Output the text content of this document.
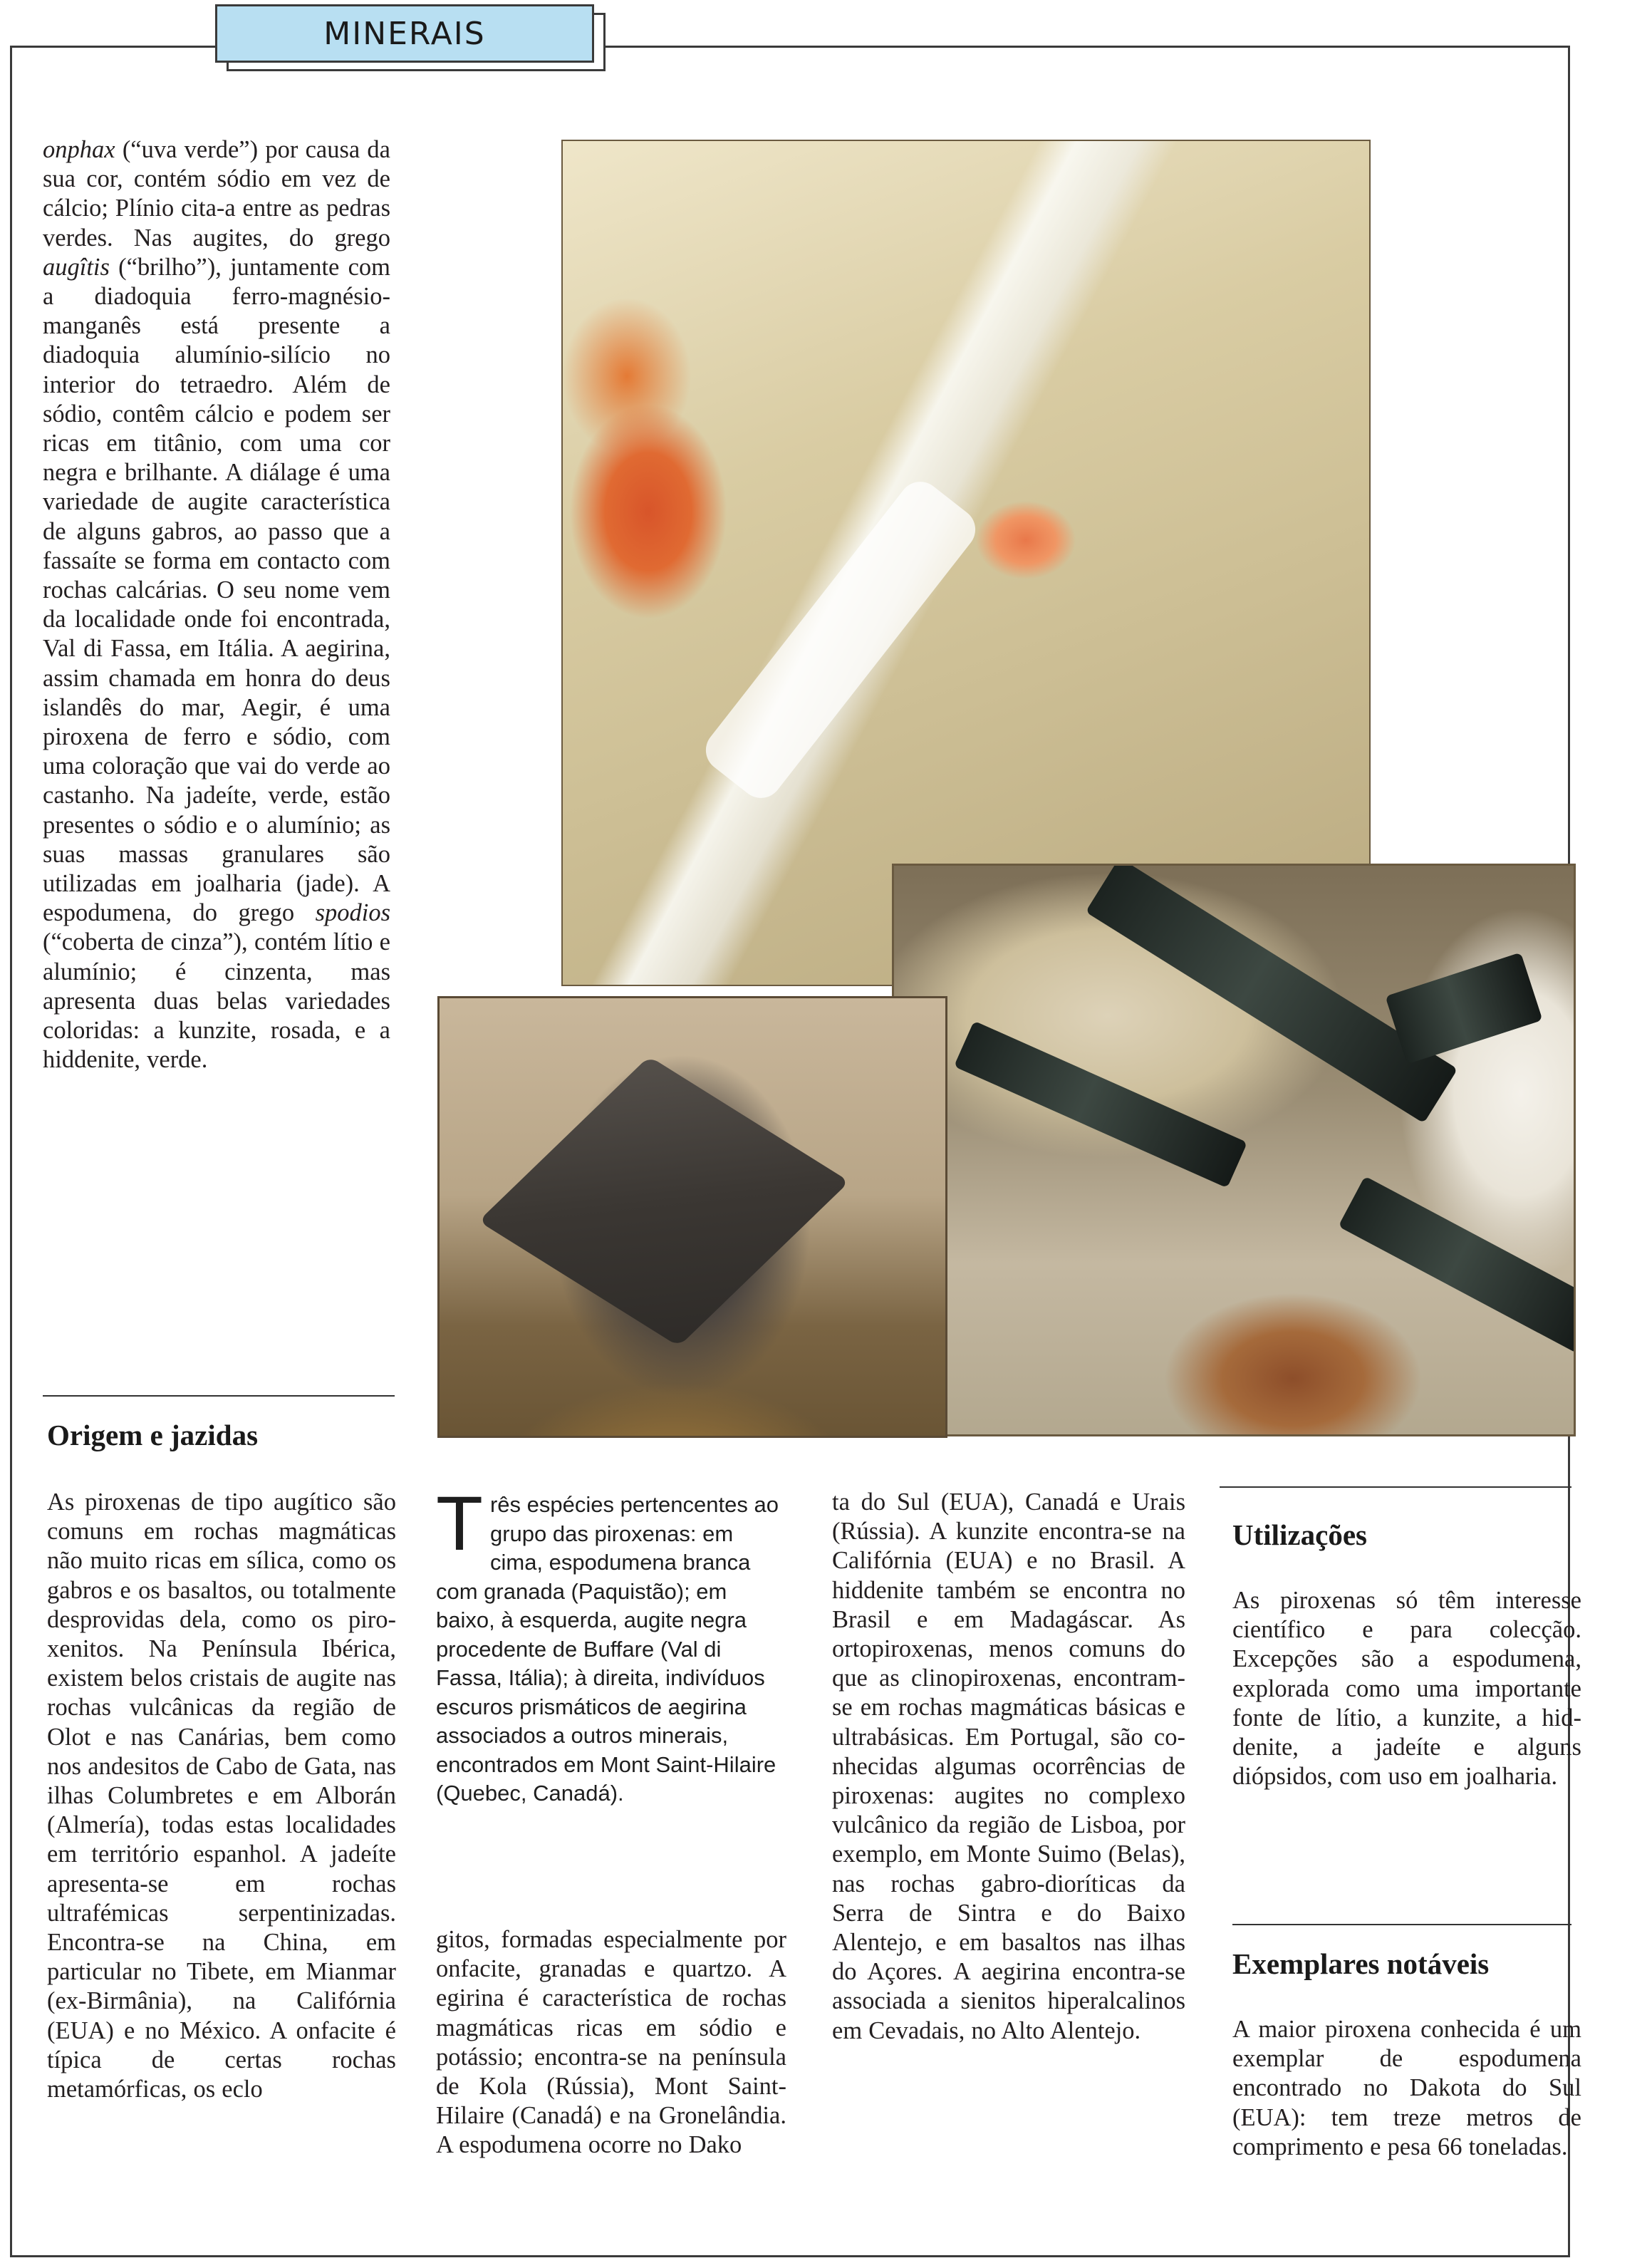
MINERAIS

onphax (“uva verde”) por causa da sua cor, contém sódio em vez de cálcio; Plínio cita-a entre as pedras verdes. Nas augites, do grego augîtis (“brilho”), juntamente com a diadoquia ferro-magnésio-manganês está presente a diadoquia alumínio-silício no interior do tetraedro. Além de sódio, contêm cálcio e podem ser ricas em titânio, com uma cor negra e brilhante. A diálage é uma variedade de augite característica de alguns gabros, ao passo que a fassaíte se forma em contacto com rochas calcárias. O seu nome vem da localidade onde foi encontrada, Val di Fassa, em Itália. A aegirina, assim chamada em honra do deus islandês do mar, Aegir, é uma piroxena de ferro e sódio, com uma coloração que vai do verde ao castanho. Na jadeíte, verde, estão presentes o sódio e o alumínio; as suas massas granulares são utilizadas em joalharia (jade). A espodumena, do grego spodios (“coberta de cinza”), contém lítio e alumínio; é cinzenta, mas apresenta duas belas variedades coloridas: a kunzite, rosada, e a hiddenite, verde.

Origem e jazidas

As piroxenas de tipo augítico são comuns em rochas magmáticas não muito ricas em sílica, como os gabros e os basaltos, ou totalmente desprovidas dela, como os piroxenitos. Na Península Ibérica, existem belos cristais de augite nas rochas vulcânicas da região de Olot e nas Canárias, bem como nos andesitos de Cabo de Gata, nas ilhas Columbretes e em Alborán (Almería), todas estas localidades em território espanhol. A jadeíte apresenta-se em rochas ultrafémicas serpentinizadas. Encontra-se na China, em particular no Tibete, em Mianmar (ex-Birmânia), na Califórnia (EUA) e no México. A onfacite é típica de certas rochas metamórficas, os eclo

Três espécies pertencentes ao grupo das piroxenas: em cima, espodumena branca com granada (Paquistão); em baixo, à esquerda, augite negra procedente de Buffare (Val di Fassa, Itália); à direita, indivíduos escuros prismáticos de aegirina associados a outros minerais, encontrados em Mont Saint-Hilaire (Quebec, Canadá).

gitos, formadas especialmente por onfacite, granadas e quartzo. A egirina é característica de rochas magmáticas ricas em sódio e potássio; encontra-se na península de Kola (Rússia), Mont Saint-Hilaire (Canadá) e na Gronelândia. A espodumena ocorre no Dako

ta do Sul (EUA), Canadá e Urais (Rússia). A kunzite encontra-se na Califórnia (EUA) e no Brasil. A hiddenite também se encontra no Brasil e em Madagáscar. As ortopiroxenas, menos comuns do que as clinopiroxenas, encontram-se em rochas magmáticas básicas e ultrabásicas. Em Portugal, são conhecidas algumas ocorrências de piroxenas: augites no complexo vulcânico da região de Lisboa, por exemplo, em Monte Suimo (Belas), nas rochas gabro-dioríticas da Serra de Sintra e do Baixo Alentejo, e em basaltos nas ilhas do Açores. A aegirina encontra-se associada a sienitos hiperalcalinos em Cevadais, no Alto Alentejo.

Utilizações
As piroxenas só têm interesse científico e para colecção. Excepções são a espodumena, explorada como uma importante fonte de lítio, a kunzite, a hiddenite, a jadeíte e alguns diópsidos, com uso em joalharia.
Exemplares notáveis
A maior piroxena conhecida é um exemplar de espodumena encontrado no Dakota do Sul (EUA): tem treze metros de comprimento e pesa 66 toneladas.
